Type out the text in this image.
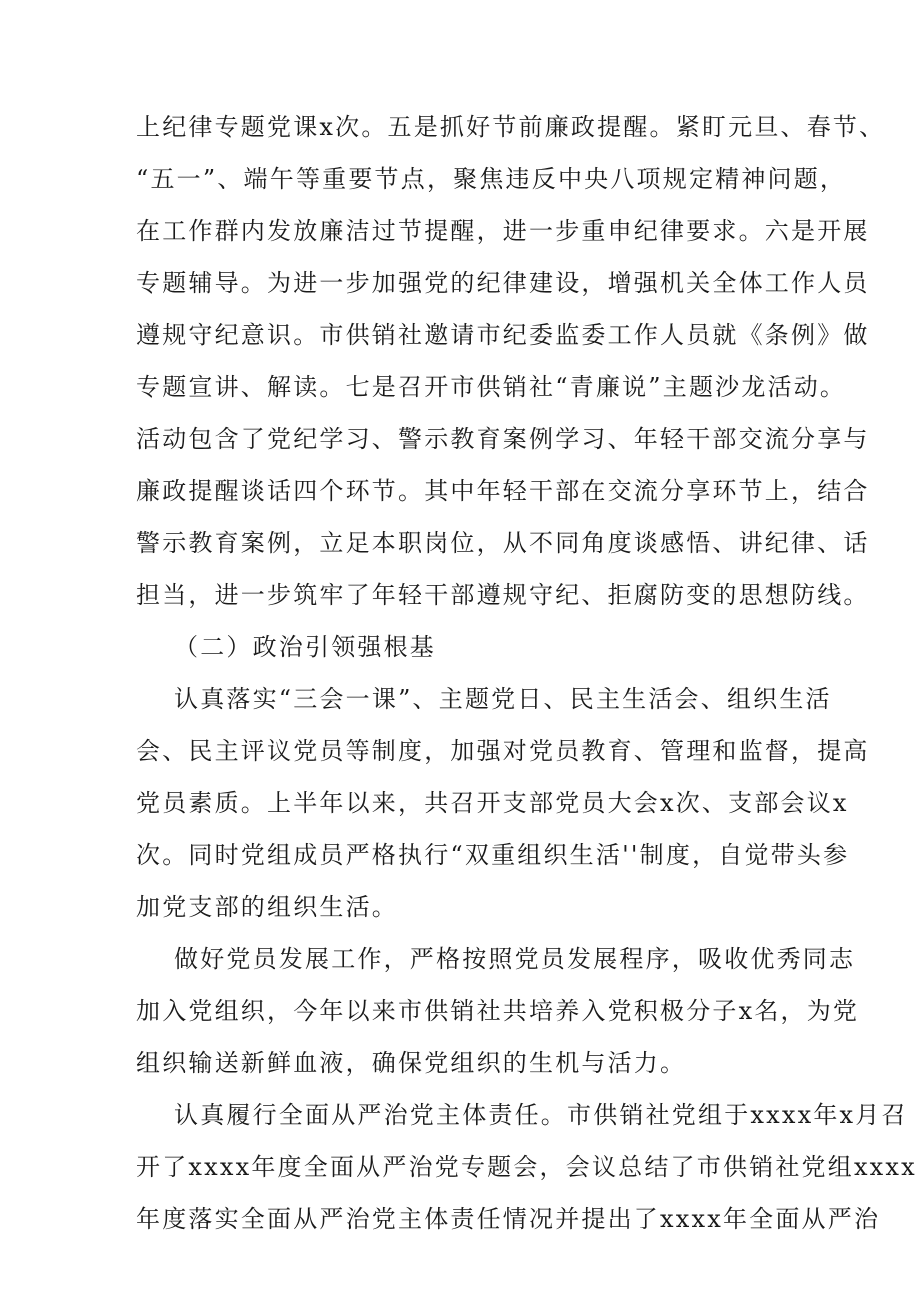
上纪律专题党课x次。五是抓好节前廉政提醒。紧盯元旦、春节、
“五一”、端午等重要节点，聚焦违反中央八项规定精神问题，
在工作群内发放廉洁过节提醒，进一步重申纪律要求。六是开展
专题辅导。为进一步加强党的纪律建设，增强机关全体工作人员
遵规守纪意识。市供销社邀请市纪委监委工作人员就《条例》做
专题宣讲、解读。七是召开市供销社“青廉说”主题沙龙活动。
活动包含了党纪学习、警示教育案例学习、年轻干部交流分享与
廉政提醒谈话四个环节。其中年轻干部在交流分享环节上，结合
警示教育案例，立足本职岗位，从不同角度谈感悟、讲纪律、话
担当，进一步筑牢了年轻干部遵规守纪、拒腐防变的思想防线。
（二）政治引领强根基
认真落实“三会一课”、主题党日、民主生活会、组织生活
会、民主评议党员等制度，加强对党员教育、管理和监督，提高
党员素质。上半年以来，共召开支部党员大会x次、支部会议x
次。同时党组成员严格执行“双重组织生活''制度，自觉带头参
加党支部的组织生活。
做好党员发展工作，严格按照党员发展程序，吸收优秀同志
加入党组织，今年以来市供销社共培养入党积极分子x名，为党
组织输送新鲜血液，确保党组织的生机与活力。
认真履行全面从严治党主体责任。市供销社党组于xxxx年x月召
开了xxxx年度全面从严治党专题会，会议总结了市供销社党组xxxx
年度落实全面从严治党主体责任情况并提出了xxxx年全面从严治
